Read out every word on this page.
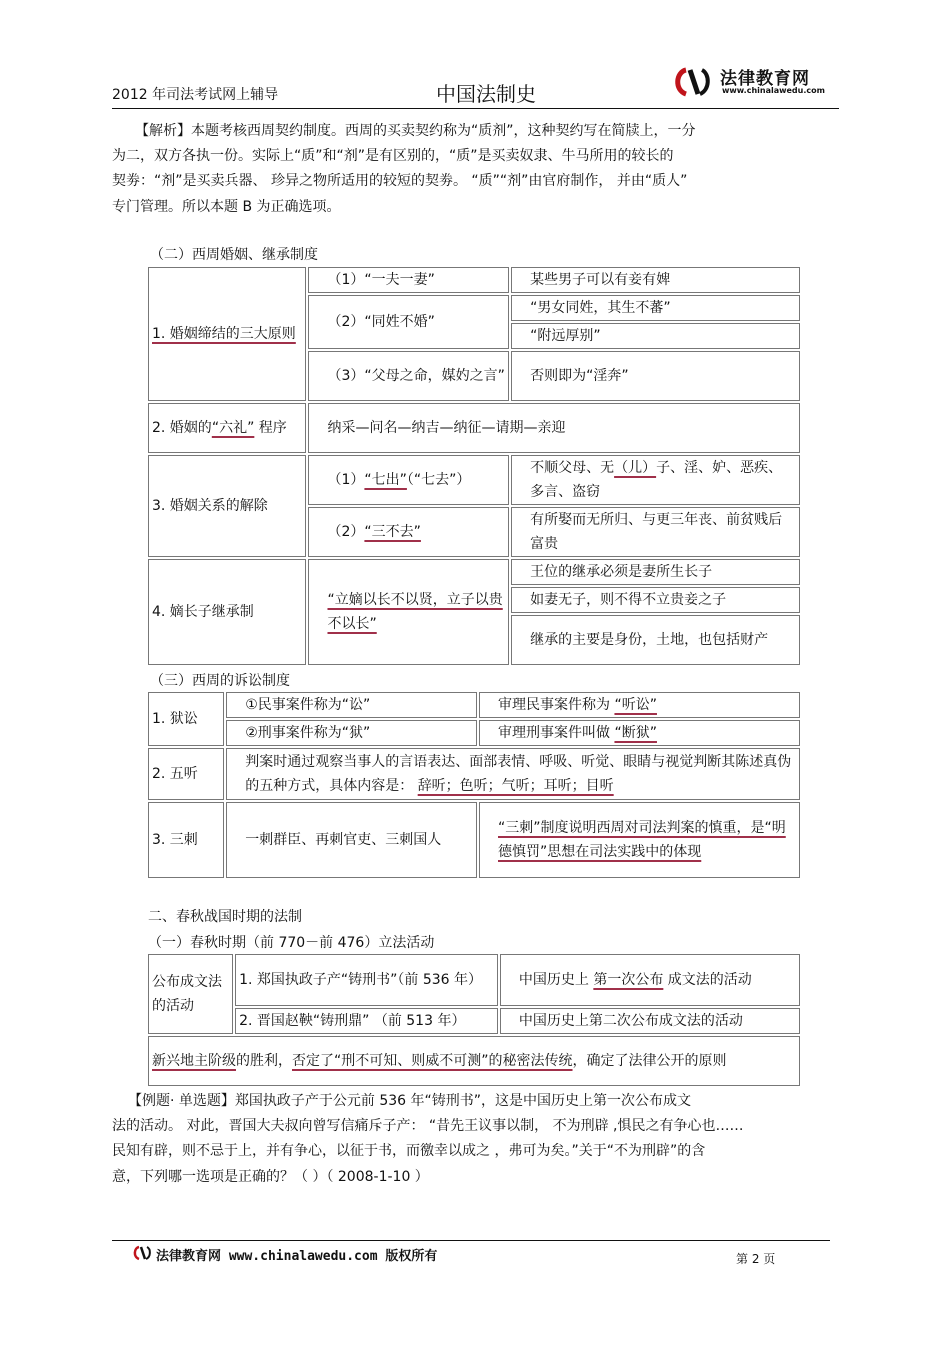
2012 年司法考试网上辅导	中国法制史
法律教育网
www.chinalawedu.com
【解析】本题考核西周契约制度。西周的买卖契约称为“质剂”，这种契约写在简牍上，一分
为二，双方各执一份。实际上“质”和“剂”是有区别的，“质”是买卖奴隶、牛马所用的较长的
契劵：“剂”是买卖兵器、 珍异之物所适用的较短的契劵。 “质”“剂”由官府制作， 并由“质人”
专门管理。所以本题 B 为正确选项。
（二）西周婚姻、继承制度
1. 婚姻缔结的三大原则	（1）“一夫一妻”	某些男子可以有妾有婢
	（2）“同姓不婚”	“男女同姓，其生不蕃”
		“附远厚别”
	（3）“父母之命，媒妁之言”	否则即为“淫奔”
2. 婚姻的“六礼” 程序	纳采—问名—纳吉—纳征—请期—亲迎	
3. 婚姻关系的解除	（1）“七出”（“七去”）	不顺父母、无（儿）子、淫、妒、恶疾、多言、盗窃
	（2）“三不去”	有所娶而无所归、与更三年丧、前贫贱后富贵
4. 嫡长子继承制	“立嫡以长不以贤，立子以贵不以长”	王位的继承必须是妻所生长子
		如妻无子，则不得不立贵妾之子
		继承的主要是身份，土地，也包括财产
（三）西周的诉讼制度
1. 狱讼	①民事案件称为“讼”	审理民事案件称为 “听讼”
	②刑事案件称为“狱”	审理刑事案件叫做 “断狱”
2. 五听	判案时通过观察当事人的言语表达、面部表情、呼吸、听觉、眼睛与视觉判断其陈述真伪的五种方式，具体内容是： 辞听；色听；气听；耳听；目听	
3. 三刺	一刺群臣、再刺官吏、三刺国人	“三刺”制度说明西周对司法判案的慎重，是“明德慎罚”思想在司法实践中的体现
二、春秋战国时期的法制
（一）春秋时期（前 770－前 476）立法活动
公布成文法的活动	1. 郑国执政子产“铸刑书”（前 536 年）	中国历史上 第一次公布 成文法的活动
	2. 晋国赵鞅“铸刑鼎” （前 513 年）	中国历史上第二次公布成文法的活动
新兴地主阶级的胜利，否定了“刑不可知、则威不可测”的秘密法传统，确定了法律公开的原则		
【例题· 单选题】郑国执政子产于公元前 536 年“铸刑书”，这是中国历史上第一次公布成文
法的活动。 对此，晋国大夫叔向曾写信痛斥子产： “昔先王议事以制， 不为刑辟 ,惧民之有争心也……
民知有辟，则不忌于上，并有争心，以征于书，而徼幸以成之 ，弗可为矣。”关于“不为刑辟”的含
意，下列哪一选项是正确的？（ ）（ 2008-1-10 ）
法律教育网 www.chinalawedu.com 版权所有	第 2 页
